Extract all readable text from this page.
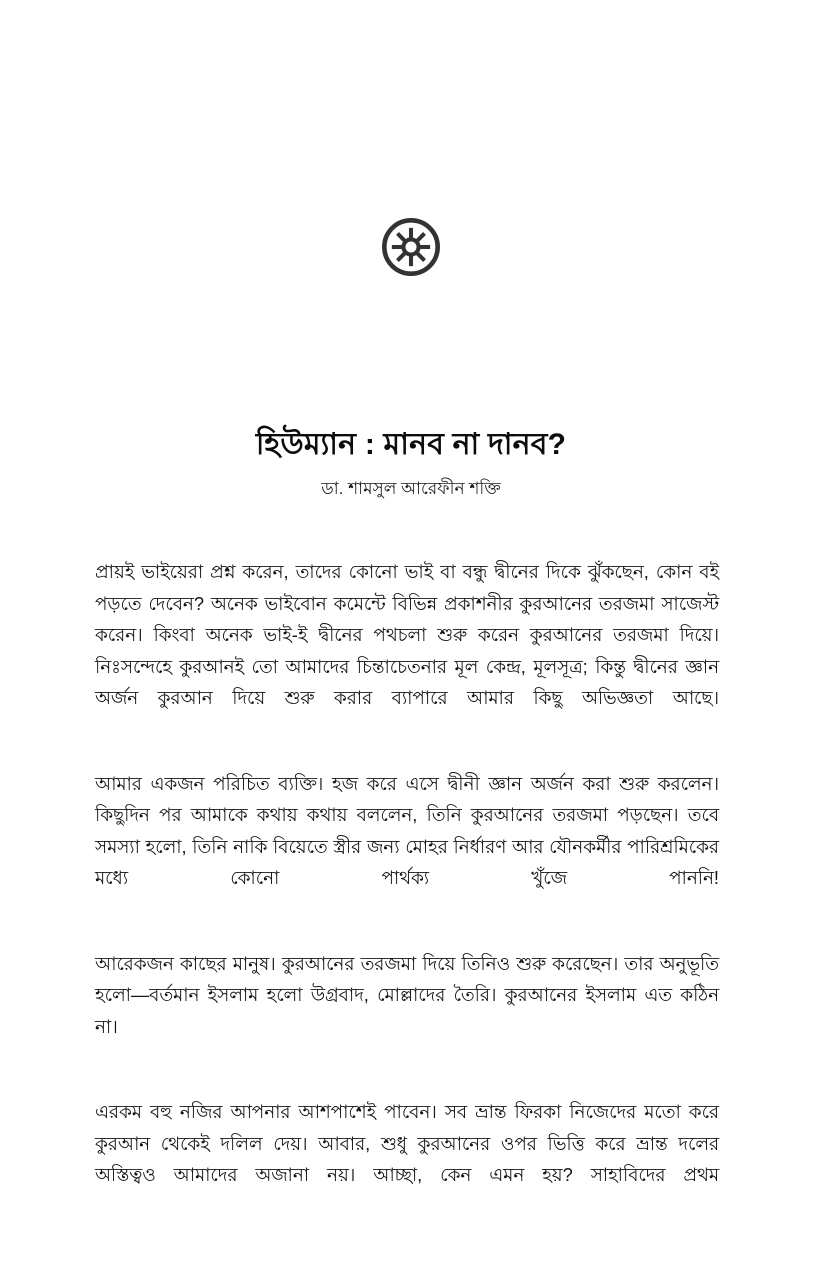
হিউম্যান : মানব না দানব?

ডা. শামসুল আরেফীন শক্তি

প্রায়ই ভাইয়েরা প্রশ্ন করেন, তাদের কোনো ভাই বা বন্ধু দ্বীনের দিকে ঝুঁকছেন, কোন বই পড়তে দেবেন? অনেক ভাইবোন কমেন্টে বিভিন্ন প্রকাশনীর কুরআনের তরজমা সাজেস্ট করেন। কিংবা অনেক ভাই-ই দ্বীনের পথচলা শুরু করেন কুরআনের তরজমা দিয়ে। নিঃসন্দেহে কুরআনই তো আমাদের চিন্তাচেতনার মূল কেন্দ্র, মূলসূত্র; কিন্তু দ্বীনের জ্ঞান অর্জন কুরআন দিয়ে শুরু করার ব্যাপারে আমার কিছু অভিজ্ঞতা আছে।

আমার একজন পরিচিত ব্যক্তি। হজ করে এসে দ্বীনী জ্ঞান অর্জন করা শুরু করলেন। কিছুদিন পর আমাকে কথায় কথায় বললেন, তিনি কুরআনের তরজমা পড়ছেন। তবে সমস্যা হলো, তিনি নাকি বিয়েতে স্ত্রীর জন্য মোহর নির্ধারণ আর যৌনকর্মীর পারিশ্রমিকের মধ্যে কোনো পার্থক্য খুঁজে পাননি!

আরেকজন কাছের মানুষ। কুরআনের তরজমা দিয়ে তিনিও শুরু করেছেন। তার অনুভূতি হলো—বর্তমান ইসলাম হলো উগ্রবাদ, মোল্লাদের তৈরি। কুরআনের ইসলাম এত কঠিন না।

এরকম বহু নজির আপনার আশপাশেই পাবেন। সব ভ্রান্ত ফিরকা নিজেদের মতো করে কুরআন থেকেই দলিল দেয়। আবার, শুধু কুরআনের ওপর ভিত্তি করে ভ্রান্ত দলের অস্তিত্বও আমাদের অজানা নয়। আচ্ছা, কেন এমন হয়? সাহাবিদের প্রথম
